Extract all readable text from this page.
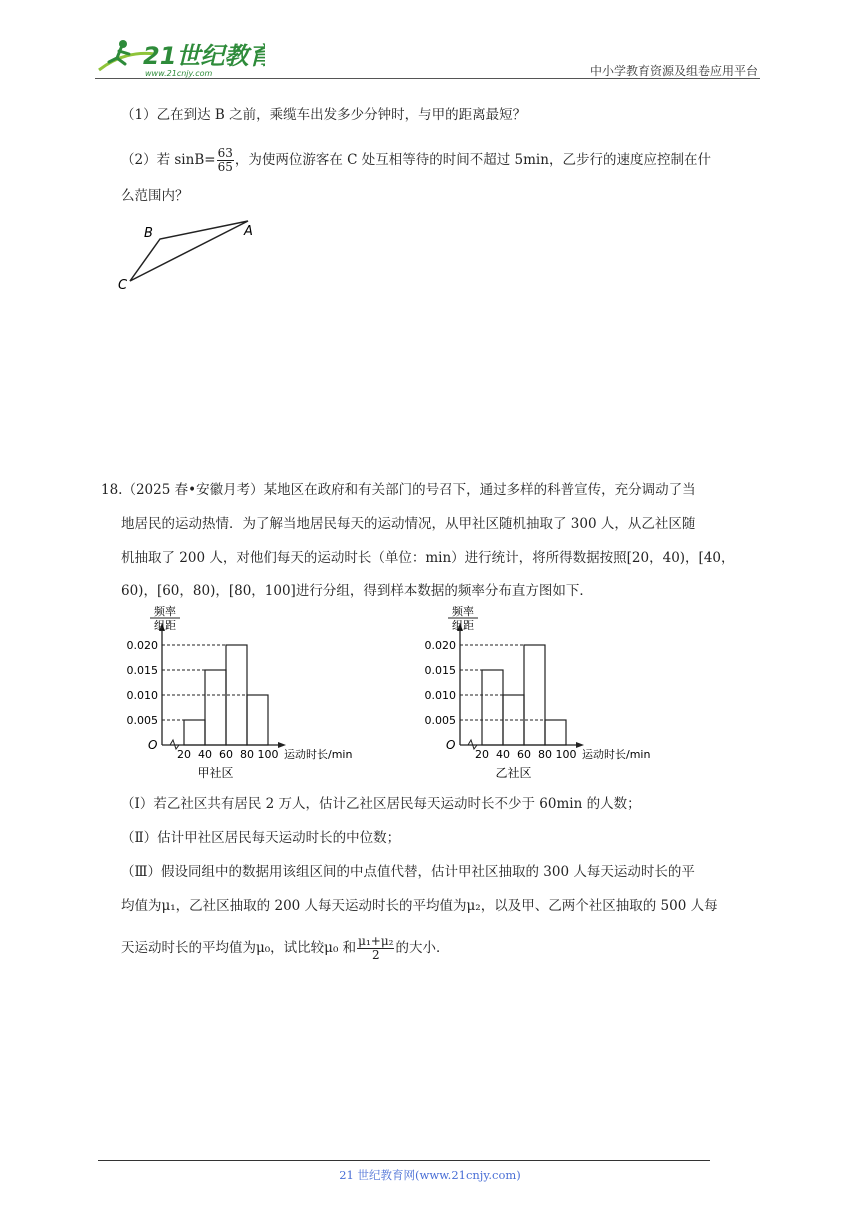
21世纪教育
www.21cnjy.com	中小学教育资源及组卷应用平台
（1）乙在到达 B 之前，乘缆车出发多少分钟时，与甲的距离最短？
（2）若 $\sin B= \frac{63}{65}$ ，为使两位游客在 C 处互相等待的时间不超过 5min，乙步行的速度应控制在什
么范围内？
A
B
C
18.（2025 春•安徽月考）某地区在政府和有关部门的号召下，通过多样的科普宣传，充分调动了当
地居民的运动热情．为了解当地居民每天的运动情况，从甲社区随机抽取了 300 人，从乙社区随
机抽取了 200 人，对他们每天的运动时长（单位：min）进行统计，将所得数据按照[20，40)，[40，
60)，[60，80)，[80，100]进行分组，得到样本数据的频率分布直方图如下．
O
0.005
0.010
0.015
0.020
20 40 60 80 100 运动时长/min
频率
组距
甲社区
O
0.005
0.010
0.015
0.020
20 40 60 80 100 运动时长/min
频率
组距
乙社区
（Ⅰ）若乙社区共有居民 2 万人，估计乙社区居民每天运动时长不少于 60min 的人数；
（Ⅱ）估计甲社区居民每天运动时长的中位数；
（Ⅲ）假设同组中的数据用该组区间的中点值代替，估计甲社区抽取的 300 人每天运动时长的平
均值为μ₁，乙社区抽取的 200 人每天运动时长的平均值为μ₂，以及甲、乙两个社区抽取的 500 人每
天运动时长的平均值为μ₀，试比较μ₀ 和 $\frac{\text{μ₁+μ₂}}{2}$ 的大小．
21 世纪教育网(www.21cnjy.com)
